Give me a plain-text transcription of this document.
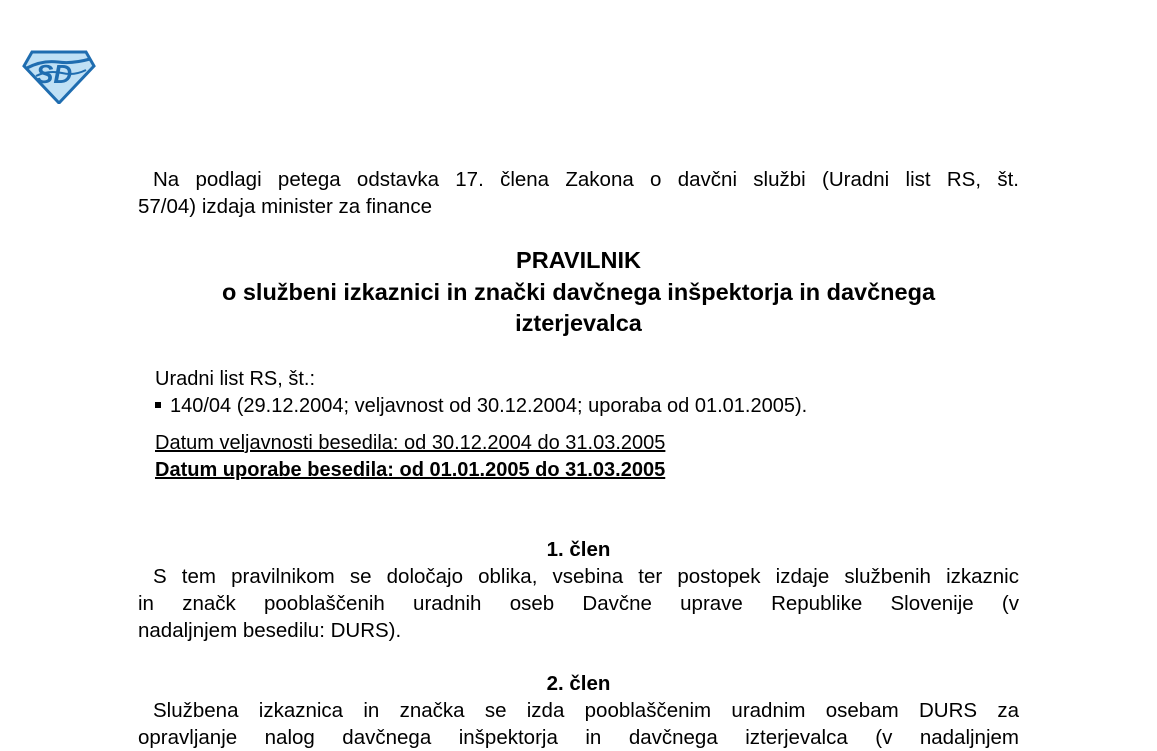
SD
Na podlagi petega odstavka 17. člena Zakona o davčni službi (Uradni list RS, št.
57/04) izdaja minister za finance
PRAVILNIK
o službeni izkaznici in znački davčnega inšpektorja in davčnega
izterjevalca
Uradni list RS, št.:
140/04 (29.12.2004; veljavnost od 30.12.2004; uporaba od 01.01.2005).
Datum veljavnosti besedila: od 30.12.2004 do 31.03.2005
Datum uporabe besedila: od 01.01.2005 do 31.03.2005
1. člen
S tem pravilnikom se določajo oblika, vsebina ter postopek izdaje službenih izkaznic
in značk pooblaščenih uradnih oseb Davčne uprave Republike Slovenije (v
nadaljnjem besedilu: DURS).
2. člen
Službena izkaznica in značka se izda pooblaščenim uradnim osebam DURS za
opravljanje nalog davčnega inšpektorja in davčnega izterjevalca (v nadaljnjem
